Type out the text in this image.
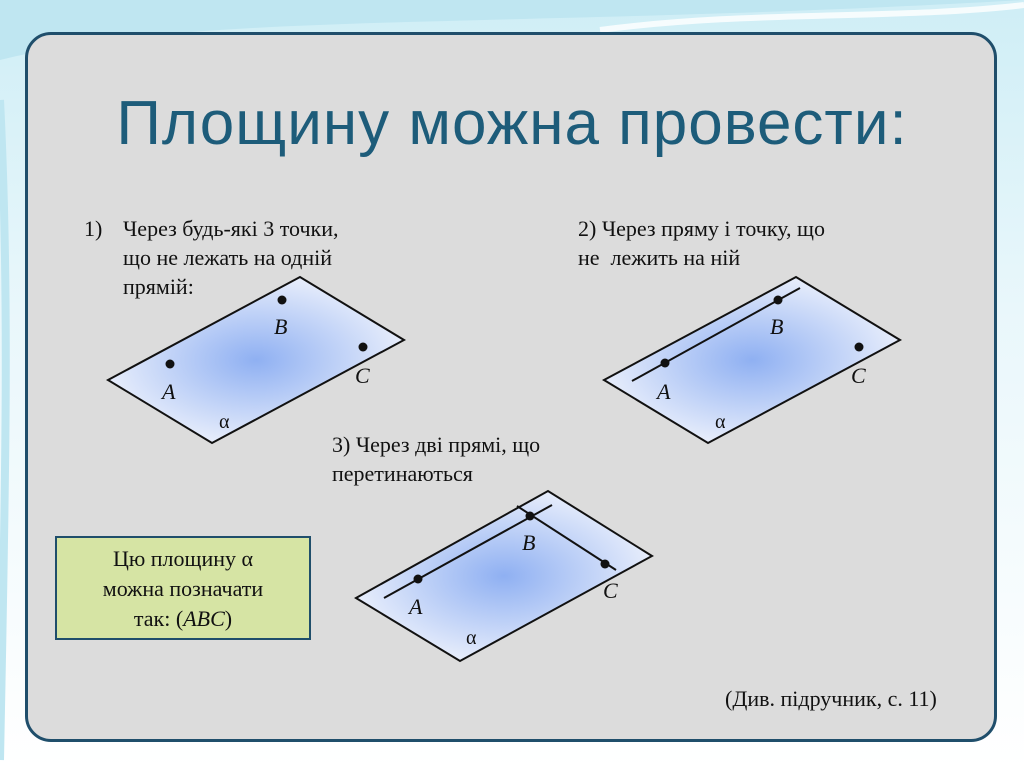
Площину можна провести:
1) Через будь-які 3 точки,
що не лежать на одній
прямій:
2) Через пряму і точку, що
не  лежить на ній
3) Через дві прямі, що
перетинаються
Цю площину α
можна позначати
так: (ABC)
(Див. підручник, с. 11)
B
A
C
α
B
A
C
α
B
A
C
α
